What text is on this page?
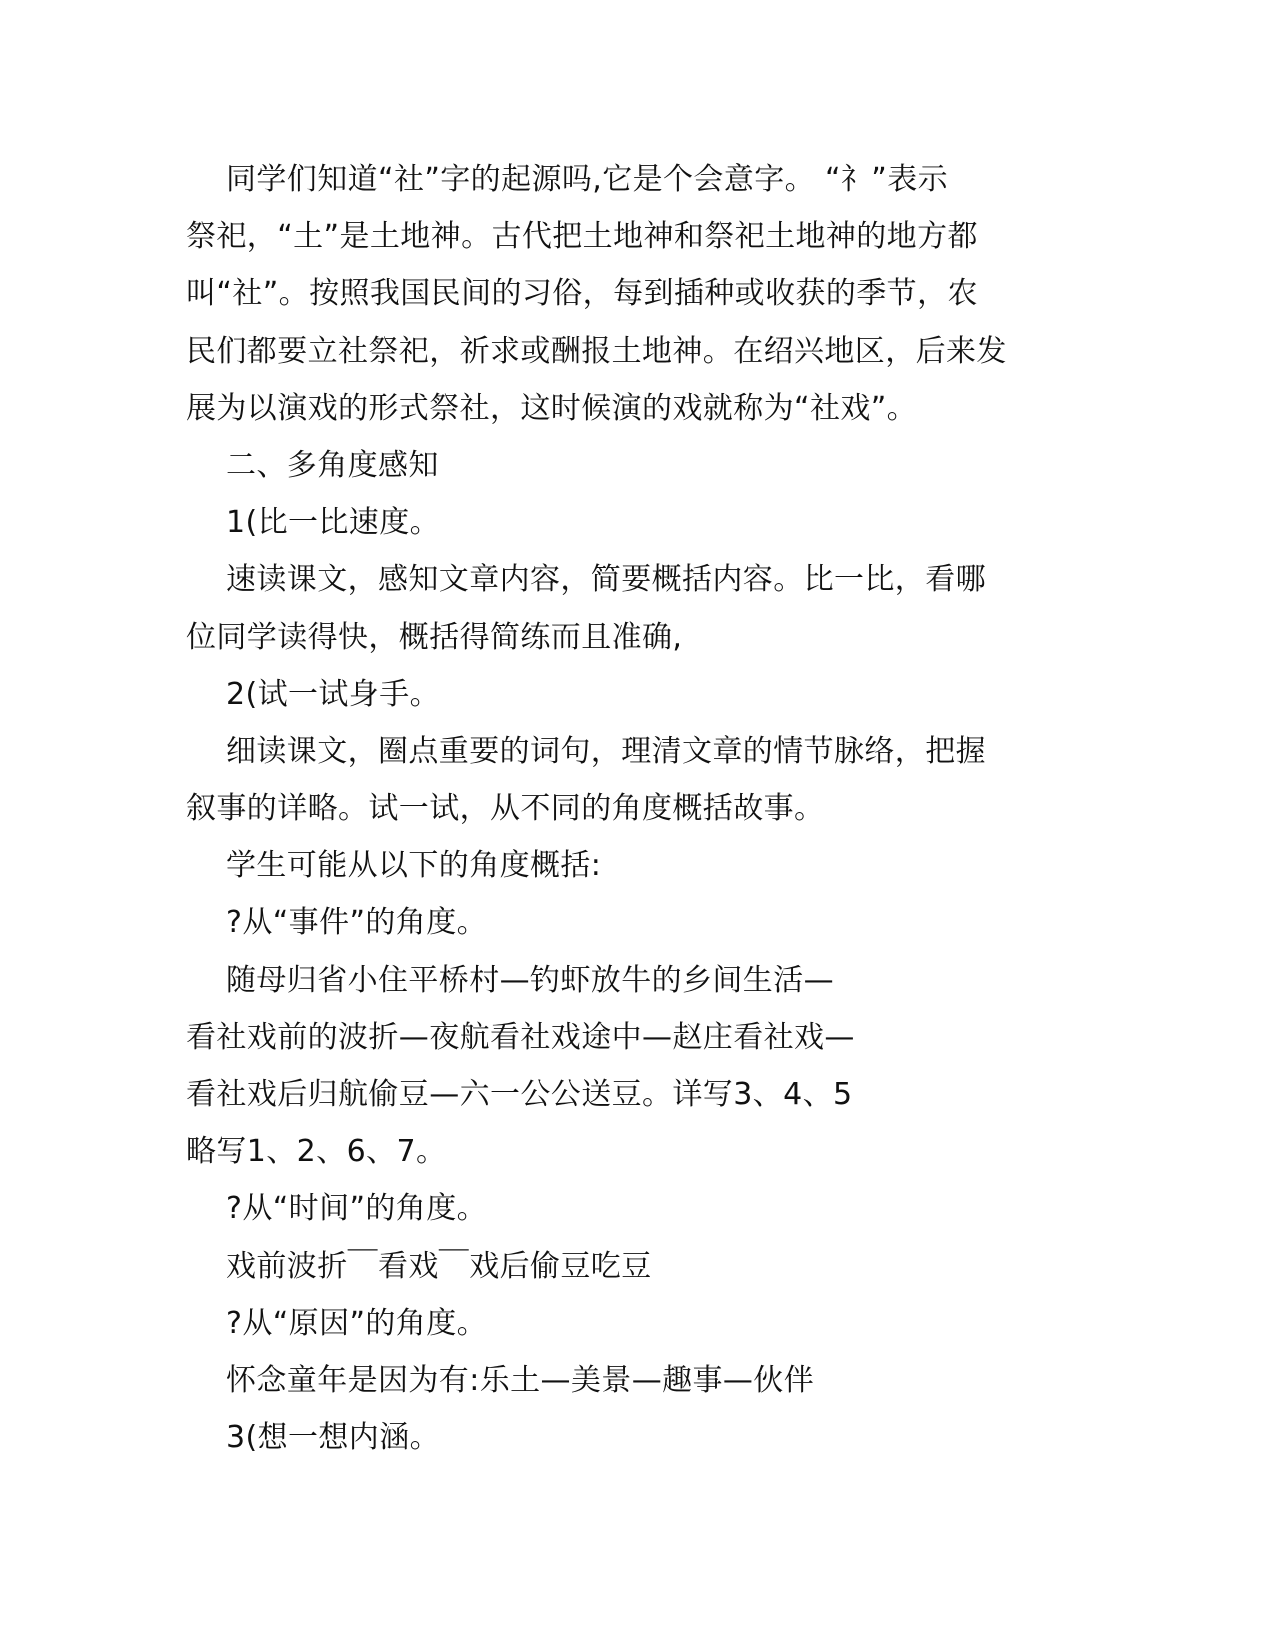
同学们知道“社”字的起源吗,它是个会意字。 “礻”表示
祭祀，“土”是土地神。古代把土地神和祭祀土地神的地方都
叫“社”。按照我国民间的习俗，每到插种或收获的季节，农
民们都要立社祭祀，祈求或酬报土地神。在绍兴地区，后来发
展为以演戏的形式祭社，这时候演的戏就称为“社戏”。
二、多角度感知
1(比一比速度。
速读课文，感知文章内容，简要概括内容。比一比，看哪
位同学读得快，概括得简练而且准确,
2(试一试身手。
细读课文，圈点重要的词句，理清文章的情节脉络，把握
叙事的详略。试一试，从不同的角度概括故事。
学生可能从以下的角度概括:
?从“事件”的角度。
随母归省小住平桥村—钓虾放牛的乡间生活—
看社戏前的波折—夜航看社戏途中—赵庄看社戏—
看社戏后归航偷豆—六一公公送豆。详写3、4、5
略写1、2、6、7。
?从“时间”的角度。
戏前波折￣看戏￣戏后偷豆吃豆
?从“原因”的角度。
怀念童年是因为有:乐土—美景—趣事—伙伴
3(想一想内涵。
